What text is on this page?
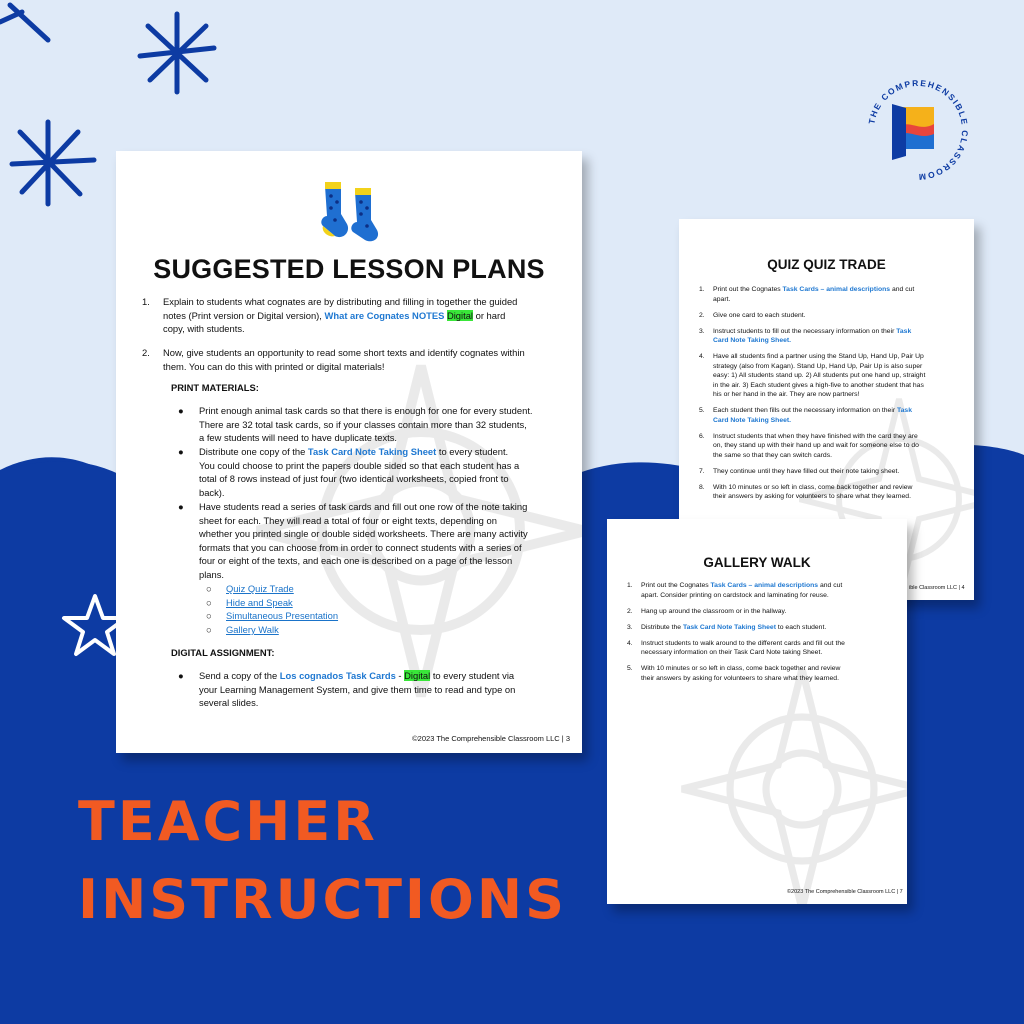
THE COMPREHENSIBLE CLASSROOM
SUGGESTED LESSON PLANS
1. Explain to students what cognates are by distributing and filling in together the guided
notes (Print version or Digital version), What are Cognates NOTES Digital or hard
copy, with students.
2. Now, give students an opportunity to read some short texts and identify cognates within
them. You can do this with printed or digital materials!
PRINT MATERIALS:
● Print enough animal task cards so that there is enough for one for every student.
There are 32 total task cards, so if your classes contain more than 32 students,
a few students will need to have duplicate texts.
● Distribute one copy of the Task Card Note Taking Sheet to every student.
You could choose to print the papers double sided so that each student has a
total of 8 rows instead of just four (two identical worksheets, copied front to
back).
● Have students read a series of task cards and fill out one row of the note taking
sheet for each. They will read a total of four or eight texts, depending on
whether you printed single or double sided worksheets. There are many activity
formats that you can choose from in order to connect students with a series of
four or eight of the texts, and each one is described on a page of the lesson
plans.
○ Quiz Quiz Trade
○ Hide and Speak
○ Simultaneous Presentation
○ Gallery Walk
DIGITAL ASSIGNMENT:
● Send a copy of the Los cognados Task Cards - Digital to every student via
your Learning Management System, and give them time to read and type on
several slides.
©2023 The Comprehensible Classroom LLC | 3
QUIZ QUIZ TRADE
1. Print out the Cognates Task Cards – animal descriptions and cut
apart.
2. Give one card to each student.
3. Instruct students to fill out the necessary information on their Task
Card Note Taking Sheet.
4. Have all students find a partner using the Stand Up, Hand Up, Pair Up
strategy (also from Kagan). Stand Up, Hand Up, Pair Up is also super
easy: 1) All students stand up. 2) All students put one hand up, straight
in the air. 3) Each student gives a high-five to another student that has
his or her hand in the air. They are now partners!
5. Each student then fills out the necessary information on their Task
Card Note Taking Sheet.
6. Instruct students that when they have finished with the card they are
on, they stand up with their hand up and wait for someone else to do
the same so that they can switch cards.
7. They continue until they have filled out their note taking sheet.
8. With 10 minutes or so left in class, come back together and review
their answers by asking for volunteers to share what they learned.
ible Classroom LLC | 4
GALLERY WALK
1. Print out the Cognates Task Cards – animal descriptions and cut
apart. Consider printing on cardstock and laminating for reuse.
2. Hang up around the classroom or in the hallway.
3. Distribute the Task Card Note Taking Sheet to each student.
4. Instruct students to walk around to the different cards and fill out the
necessary information on their Task Card Note taking Sheet.
5. With 10 minutes or so left in class, come back together and review
their answers by asking for volunteers to share what they learned.
©2023 The Comprehensible Classroom LLC | 7
TEACHER
INSTRUCTIONS
